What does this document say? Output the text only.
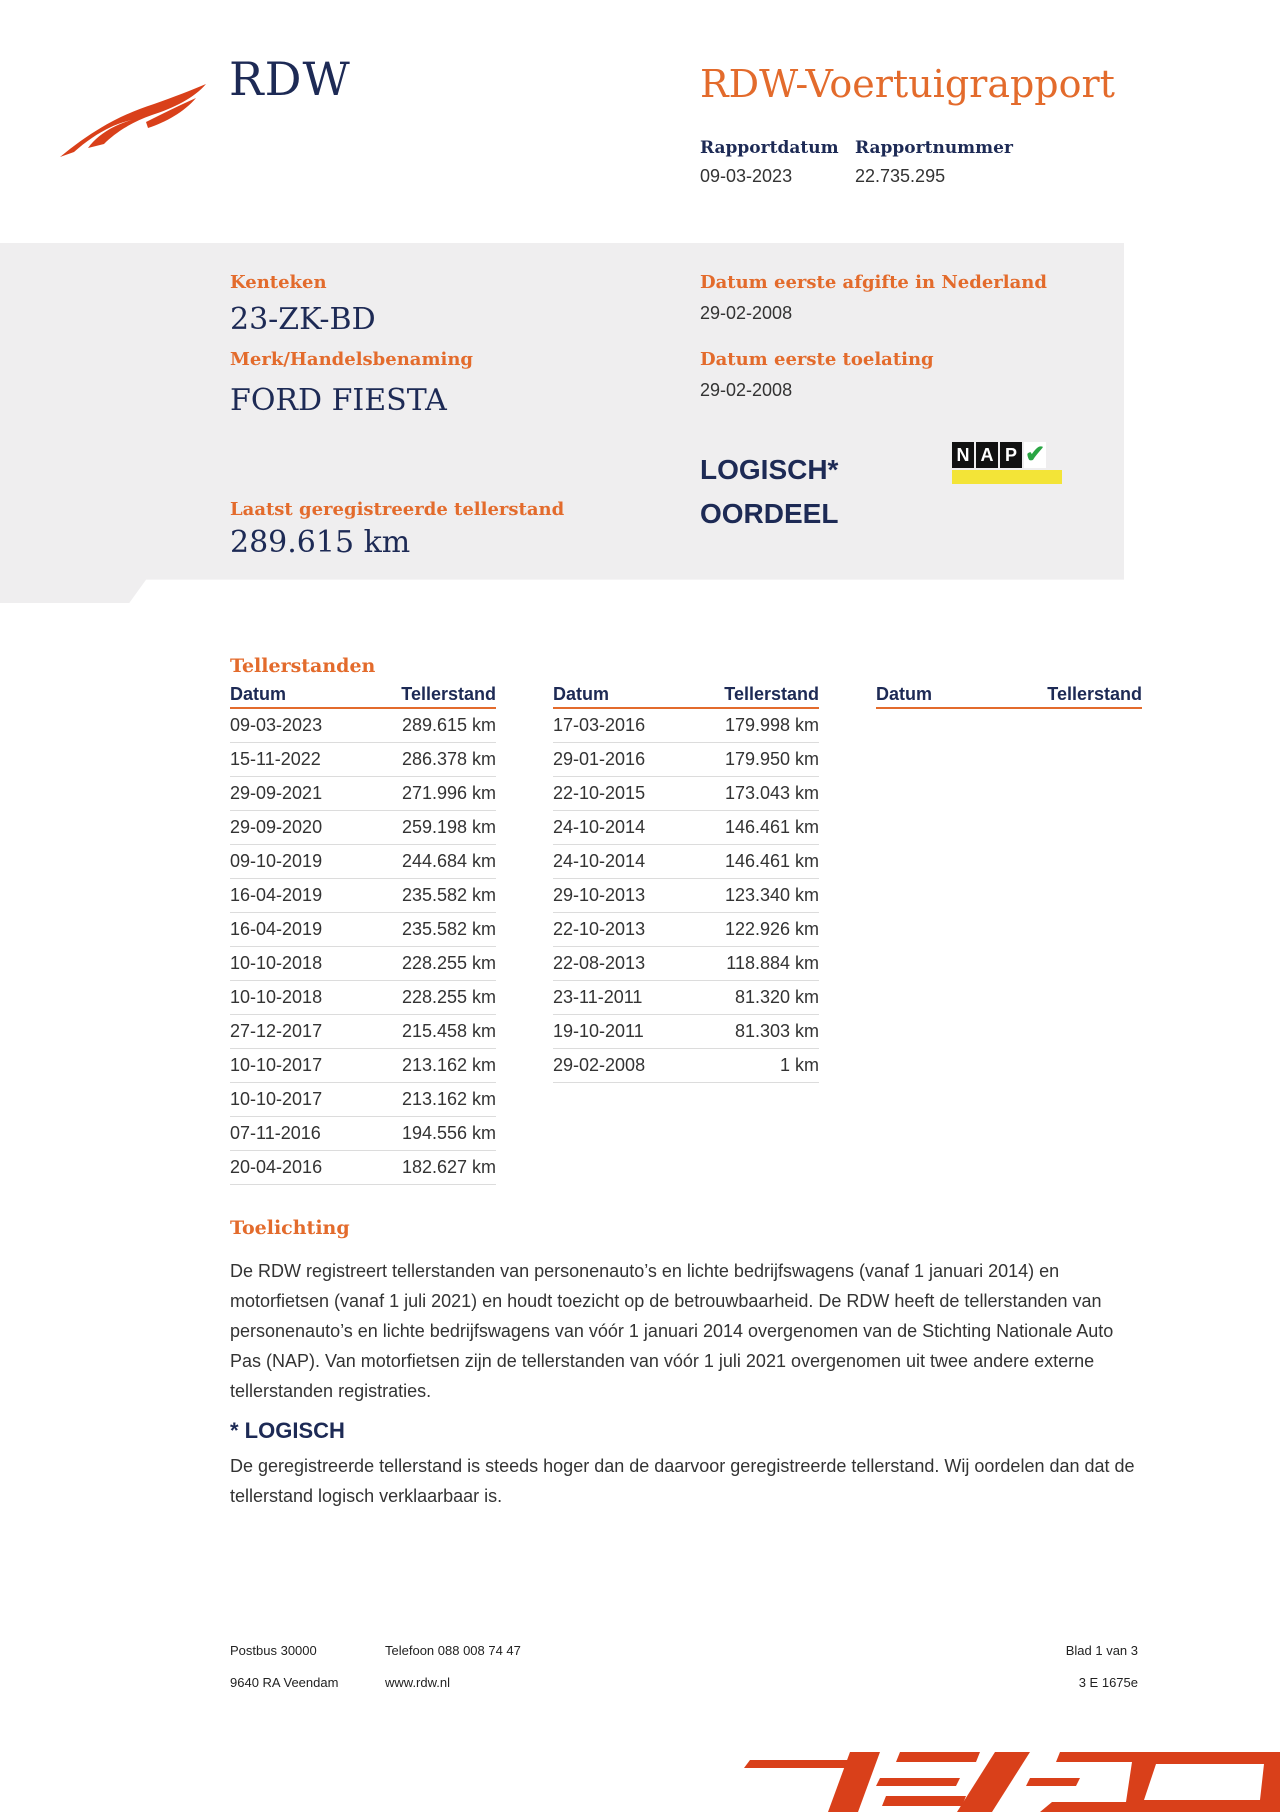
RDW	RDW-Voertuigrapport
Rapportdatum
09-03-2023
Rapportnummer
22.735.295
Kenteken
23-ZK-BD
Merk/Handelsbenaming
FORD FIESTA
Laatst geregistreerde tellerstand
289.615 km
Datum eerste afgifte in Nederland
29-02-2008
Datum eerste toelating
29-02-2008
LOGISCH*
OORDEEL
N A P ✔
Tellerstanden
Datum	Tellerstand
09-03-2023	289.615 km
15-11-2022	286.378 km
29-09-2021	271.996 km
29-09-2020	259.198 km
09-10-2019	244.684 km
16-04-2019	235.582 km
16-04-2019	235.582 km
10-10-2018	228.255 km
10-10-2018	228.255 km
27-12-2017	215.458 km
10-10-2017	213.162 km
10-10-2017	213.162 km
07-11-2016	194.556 km
20-04-2016	182.627 km
Datum	Tellerstand
17-03-2016	179.998 km
29-01-2016	179.950 km
22-10-2015	173.043 km
24-10-2014	146.461 km
24-10-2014	146.461 km
29-10-2013	123.340 km
22-10-2013	122.926 km
22-08-2013	118.884 km
23-11-2011	81.320 km
19-10-2011	81.303 km
29-02-2008	1 km
Datum	Tellerstand
Toelichting
De RDW registreert tellerstanden van personenauto’s en lichte bedrijfswagens (vanaf 1 januari 2014) en motorfietsen (vanaf 1 juli 2021) en houdt toezicht op de betrouwbaarheid. De RDW heeft de tellerstanden van personenauto’s en lichte bedrijfswagens van vóór 1 januari 2014 overgenomen van de Stichting Nationale Auto Pas (NAP). Van motorfietsen zijn de tellerstanden van vóór 1 juli 2021 overgenomen uit twee andere externe tellerstanden registraties.
* LOGISCH
De geregistreerde tellerstand is steeds hoger dan de daarvoor geregistreerde tellerstand. Wij oordelen dan dat de tellerstand logisch verklaarbaar is.
Postbus 30000
9640 RA Veendam
Telefoon 088 008 74 47
www.rdw.nl
Blad 1 van 3
3 E 1675e
